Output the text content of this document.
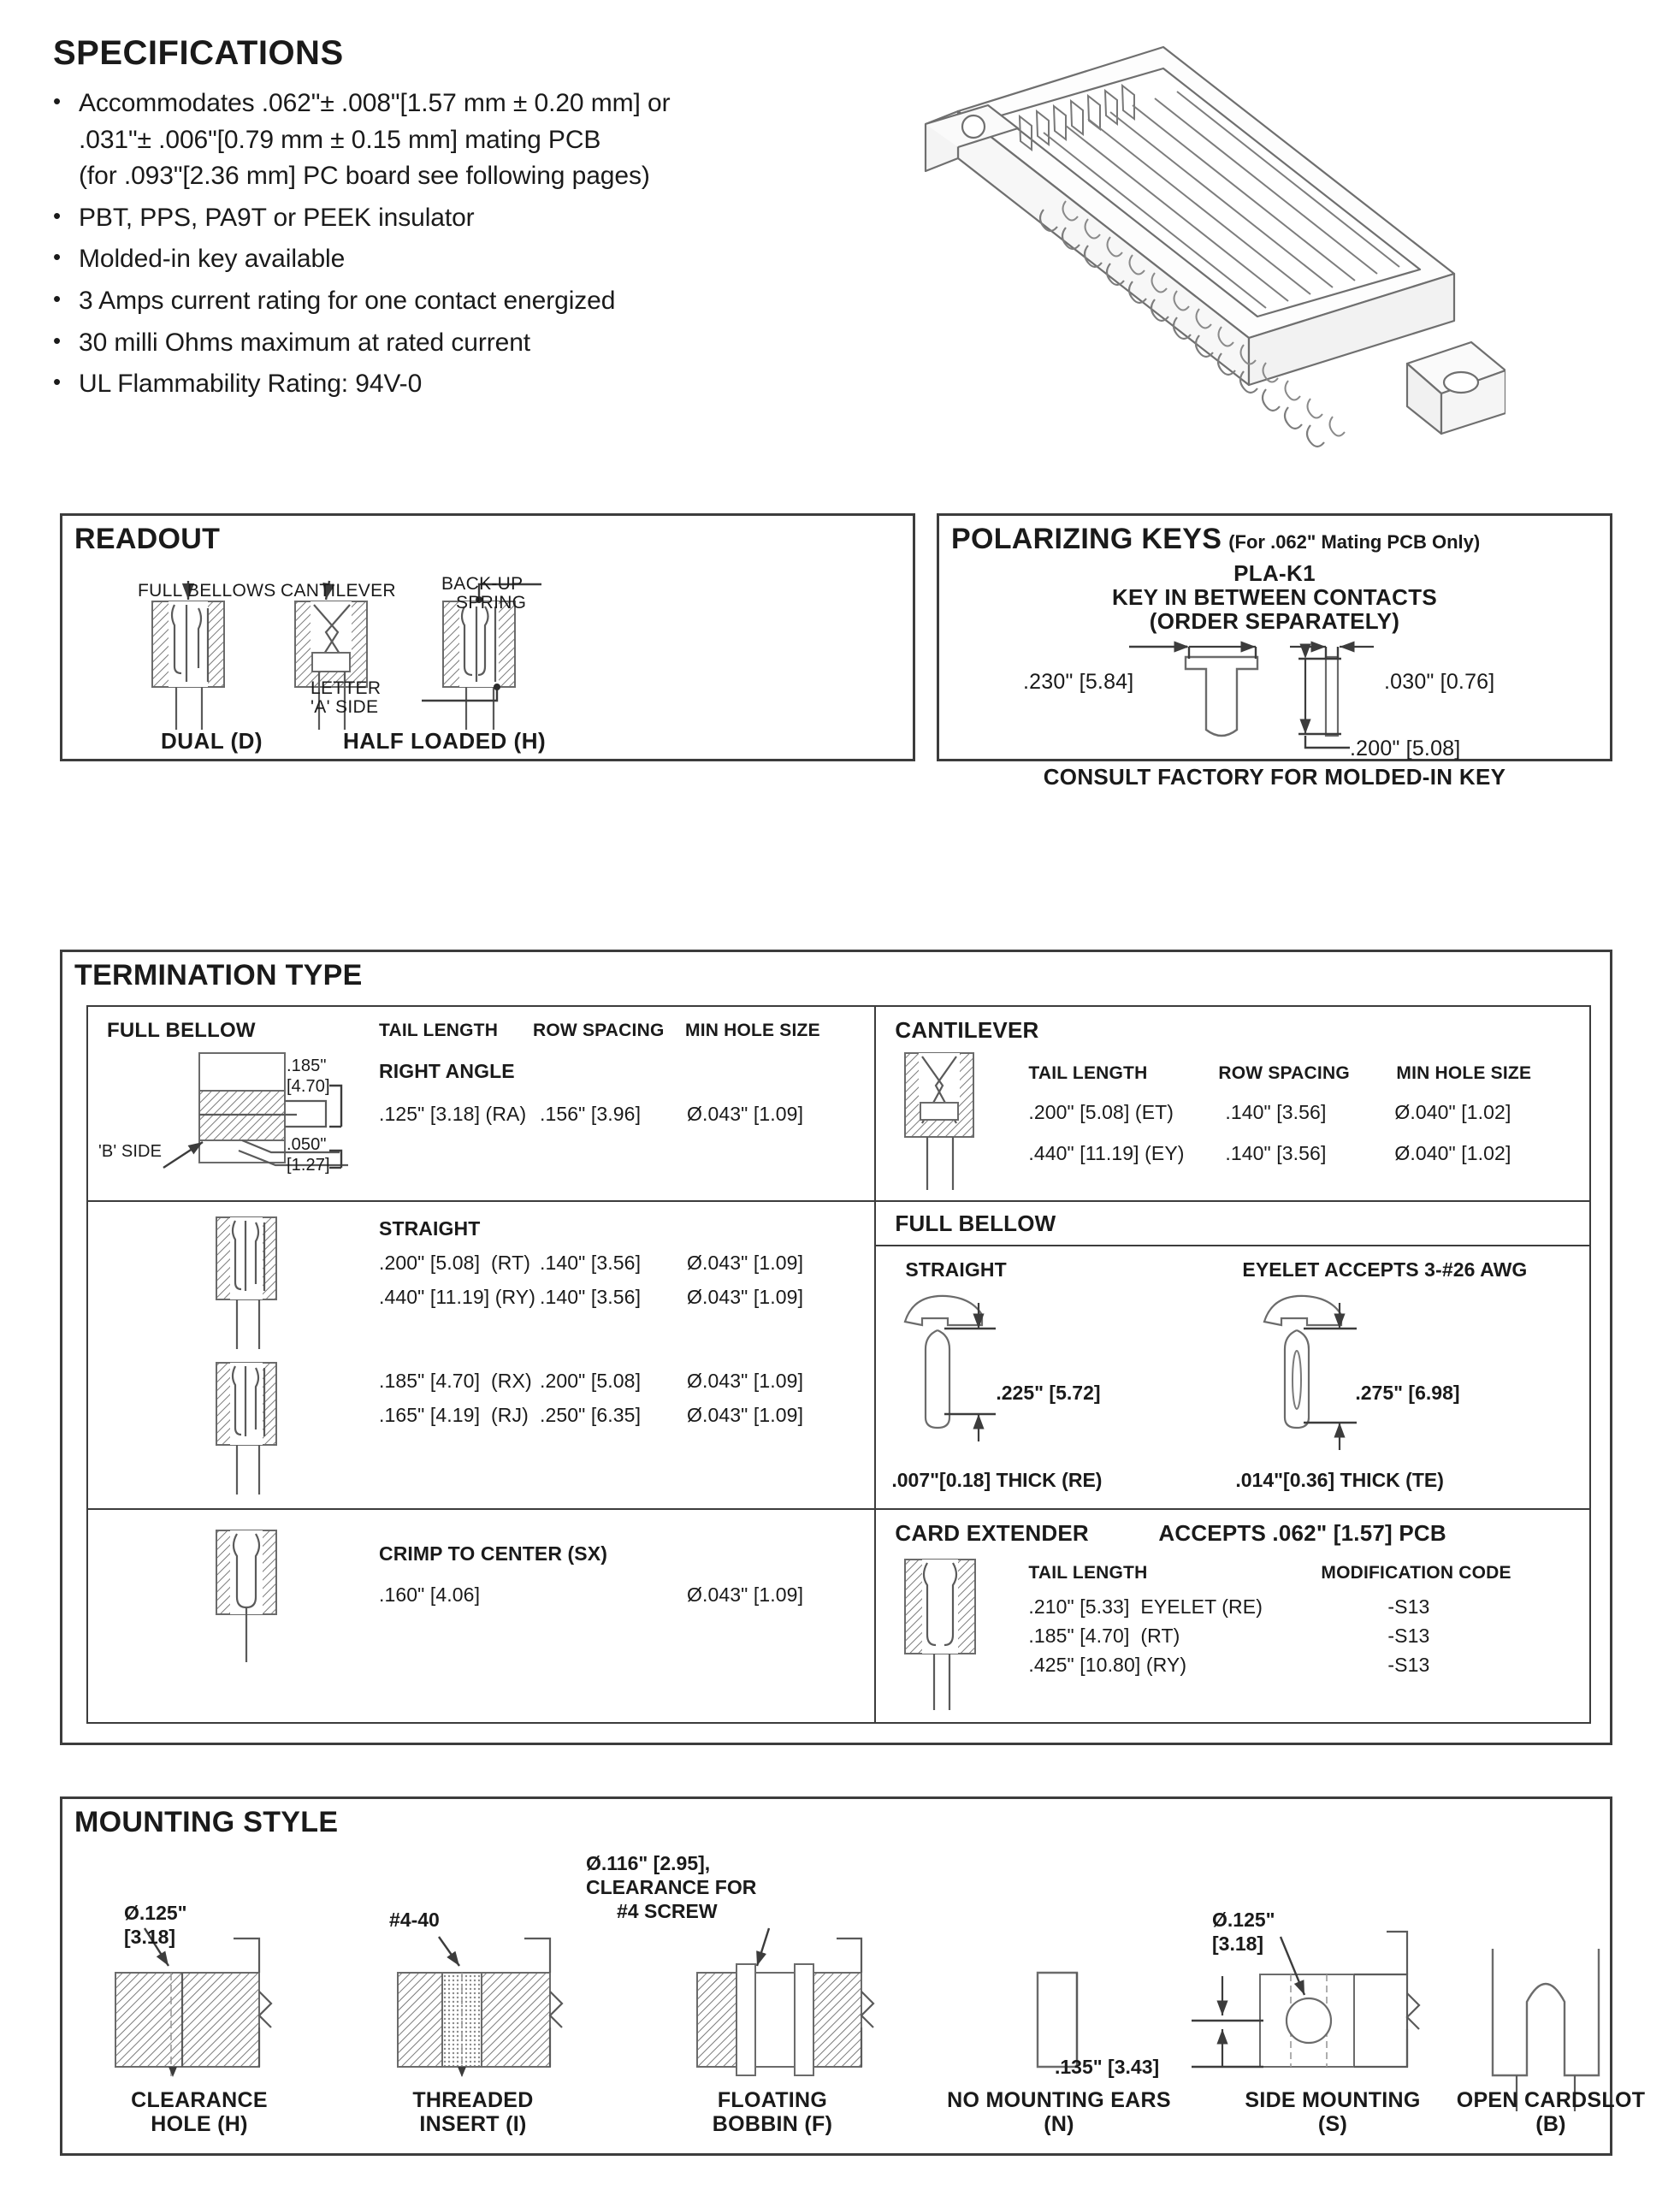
SPECIFICATIONS
• Accommodates .062"± .008"[1.57 mm ± 0.20 mm] or
.031"± .006"[0.79 mm ± 0.15 mm] mating PCB
(for .093"[2.36 mm] PC board see following pages)
• PBT, PPS, PA9T or PEEK insulator
• Molded-in key available
• 3 Amps current rating for one contact energized
• 30 milli Ohms maximum at rated current
• UL Flammability Rating: 94V-0
READOUT
FULL BELLOWS CANTILEVER	BACK-UP
SPRING
LETTER
'A' SIDE
DUAL (D)	HALF LOADED (H)
POLARIZING KEYS (For .062" Mating PCB Only)
PLA-K1
KEY IN BETWEEN CONTACTS
(ORDER SEPARATELY)
.230" [5.84]	.030" [0.76]
.200" [5.08]
CONSULT FACTORY FOR MOLDED-IN KEY
TERMINATION TYPE
FULL BELLOW	TAIL LENGTH ROW SPACING MIN HOLE SIZE
.185"
[4.70]
.050"
[1.27]
'B' SIDE
RIGHT ANGLE
.125" [3.18] (RA) .156" [3.96] Ø.043" [1.09]
STRAIGHT
.200" [5.08]  (RT) .140" [3.56] Ø.043" [1.09]
.440" [11.19] (RY) .140" [3.56] Ø.043" [1.09]
.185" [4.70]  (RX) .200" [5.08] Ø.043" [1.09]
.165" [4.19]  (RJ) .250" [6.35] Ø.043" [1.09]
CRIMP TO CENTER (SX)
.160" [4.06]	Ø.043" [1.09]
CANTILEVER
TAIL LENGTH	ROW SPACING	MIN HOLE SIZE
.200" [5.08] (ET)	.140" [3.56]	Ø.040" [1.02]
.440" [11.19] (EY) .140" [3.56]	Ø.040" [1.02]
FULL BELLOW
STRAIGHT	EYELET ACCEPTS 3-#26 AWG
.225" [5.72]	.275" [6.98]
.007"[0.18] THICK (RE)	.014"[0.36] THICK (TE)
CARD EXTENDER	ACCEPTS .062" [1.57] PCB
TAIL LENGTH	MODIFICATION CODE
.210" [5.33]  EYELET (RE)	-S13
.185" [4.70]  (RT)	-S13
.425" [10.80] (RY)	-S13
MOUNTING STYLE
Ø.125"
[3.18]
#4-40
Ø.116" [2.95],
CLEARANCE FOR
#4 SCREW	Ø.125"
[3.18]
.135" [3.43]
CLEARANCE
HOLE (H)
THREADED
INSERT (I)
FLOATING
BOBBIN (F)
NO MOUNTING EARS
(N)
SIDE MOUNTING
(S)
OPEN CARDSLOT
(B)
